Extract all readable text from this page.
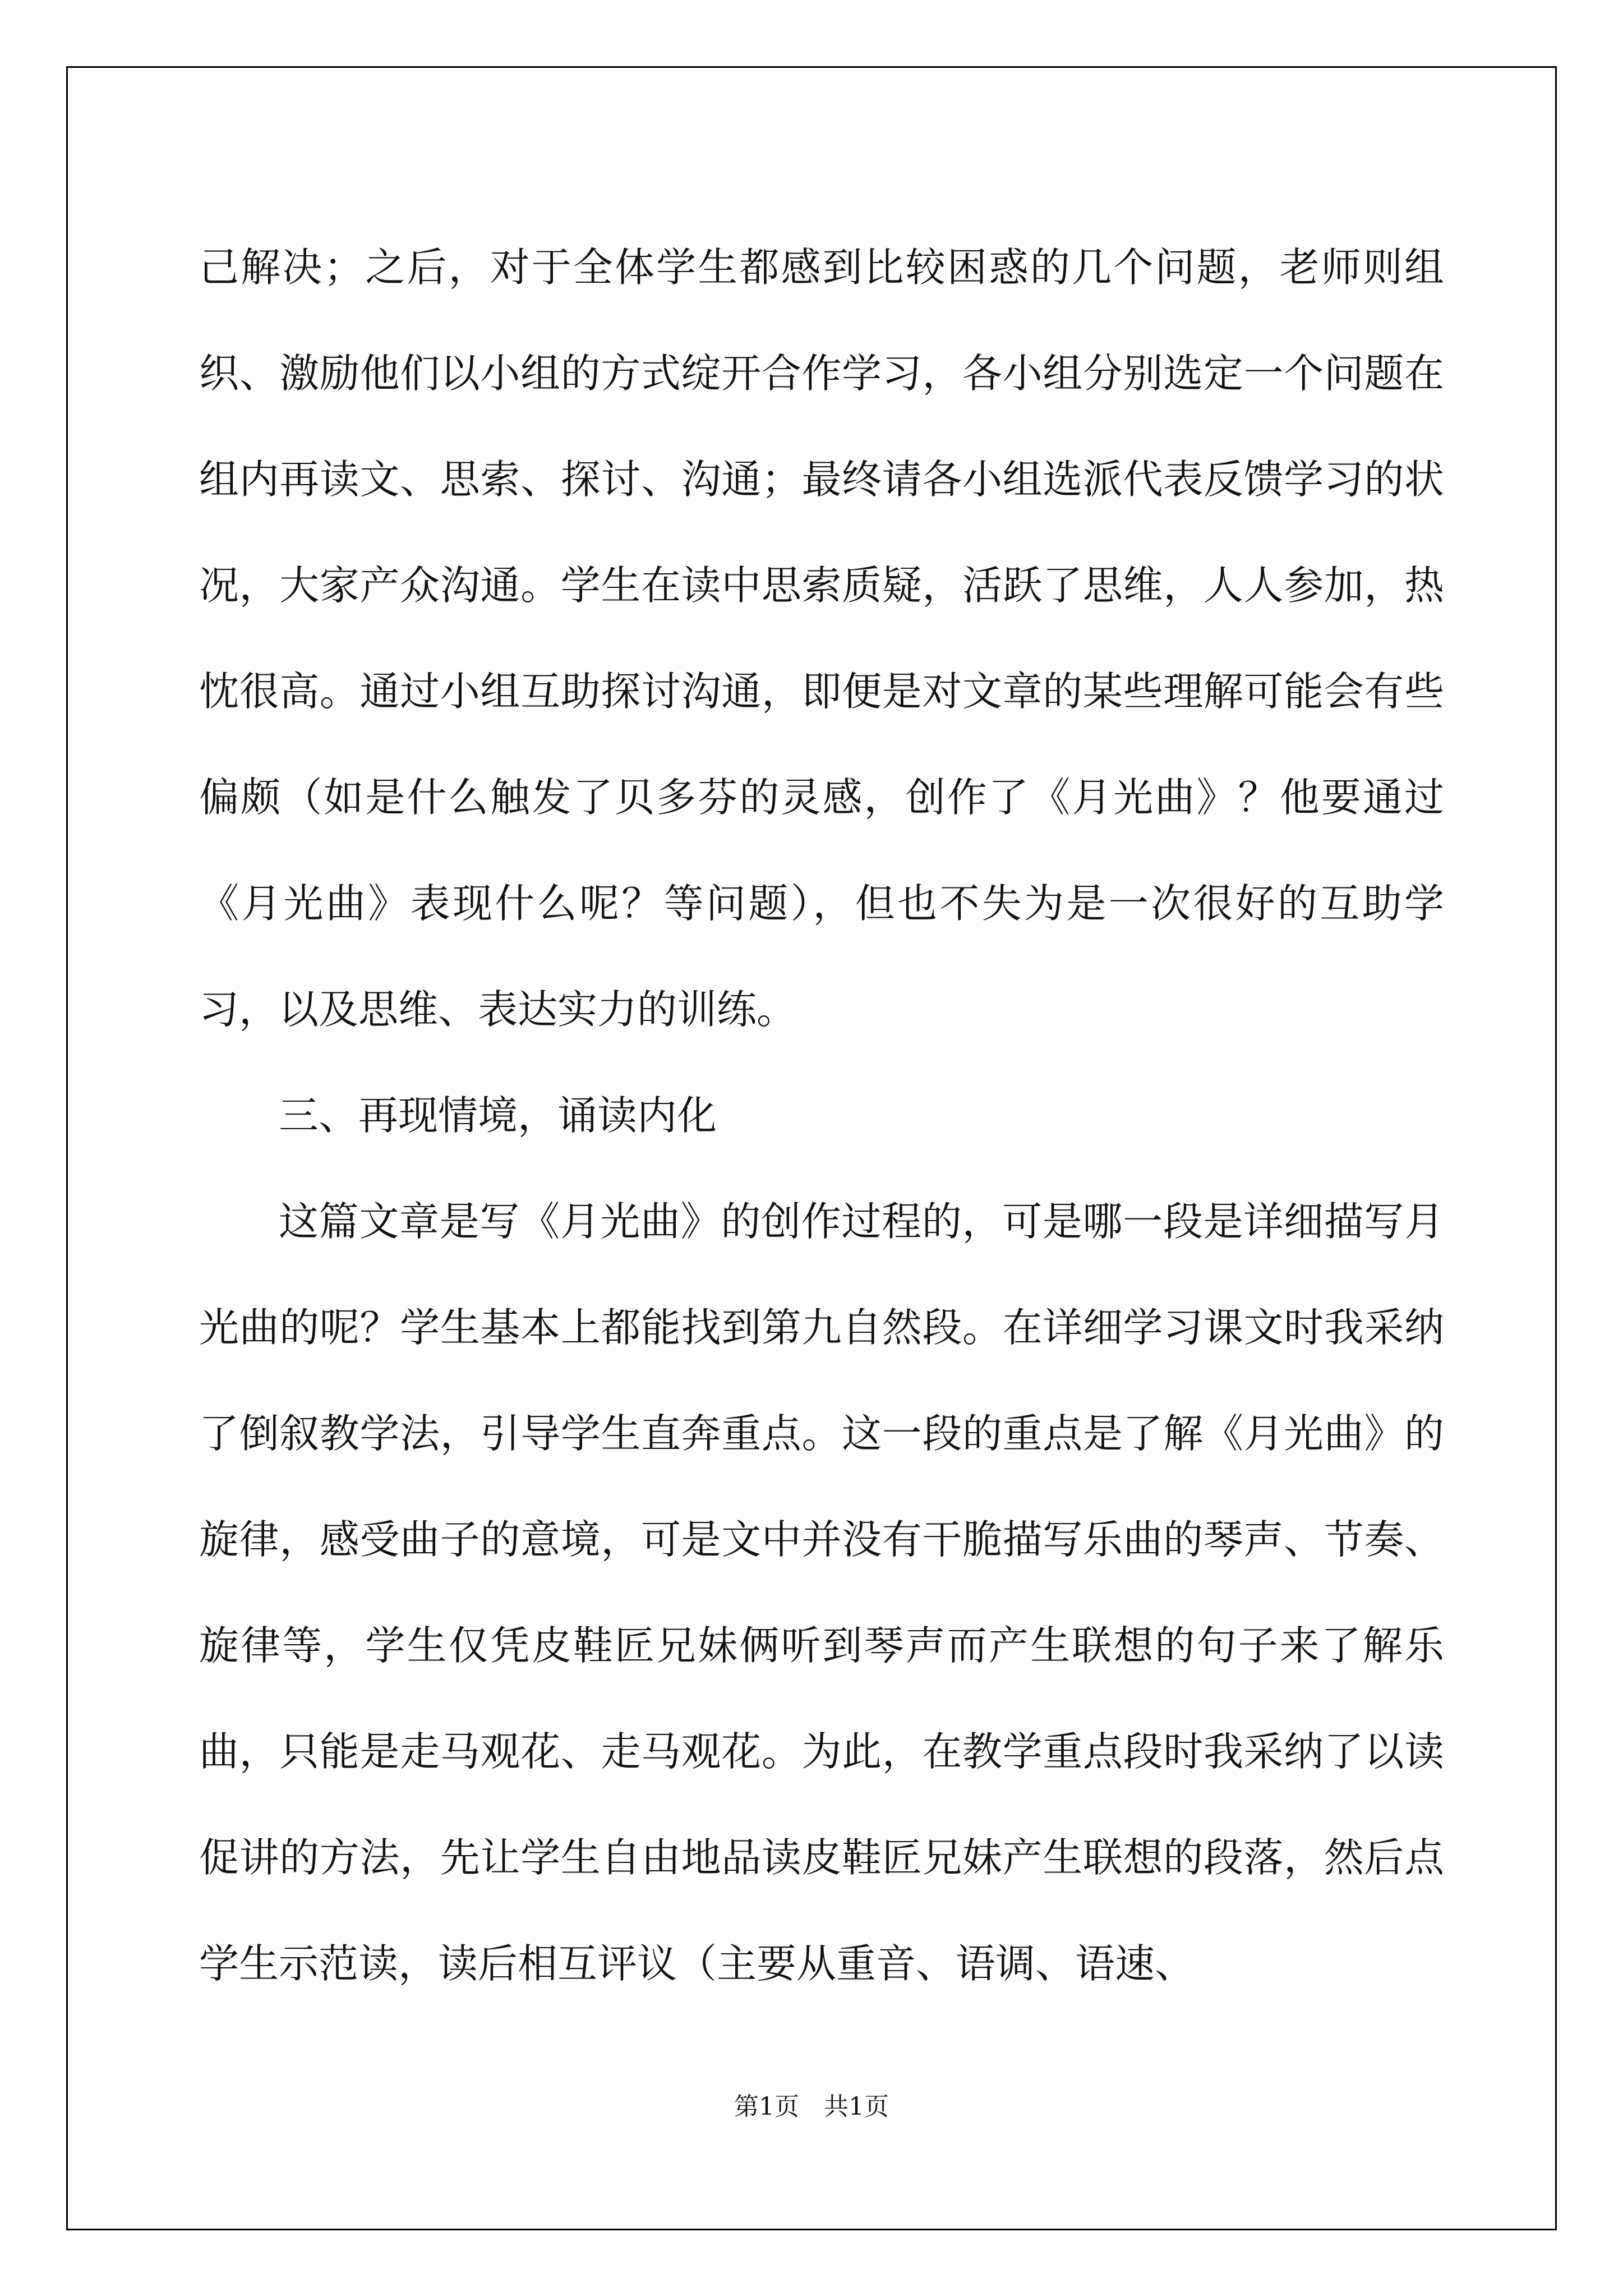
己解决；之后，对于全体学生都感到比较困惑的几个问题，老师则组织、激励他们以小组的方式绽开合作学习，各小组分别选定一个问题在组内再读文、思索、探讨、沟通；最终请各小组选派代表反馈学习的状况，大家产众沟通。学生在读中思索质疑，活跃了思维，人人参加，热忱很高。通过小组互助探讨沟通，即便是对文章的某些理解可能会有些偏颇（如是什么触发了贝多芬的灵感，创作了《月光曲》？他要通过《月光曲》表现什么呢？等问题），但也不失为是一次很好的互助学习，以及思维、表达实力的训练。

三、再现情境，诵读内化

这篇文章是写《月光曲》的创作过程的，可是哪一段是详细描写月光曲的呢？学生基本上都能找到第九自然段。在详细学习课文时我采纳了倒叙教学法，引导学生直奔重点。这一段的重点是了解《月光曲》的旋律，感受曲子的意境，可是文中并没有干脆描写乐曲的琴声、节奏、旋律等，学生仅凭皮鞋匠兄妹俩听到琴声而产生联想的句子来了解乐曲，只能是走马观花、走马观花。为此，在教学重点段时我采纳了以读促讲的方法，先让学生自由地品读皮鞋匠兄妹产生联想的段落，然后点学生示范读，读后相互评议（主要从重音、语调、语速、

第1页 共1页
